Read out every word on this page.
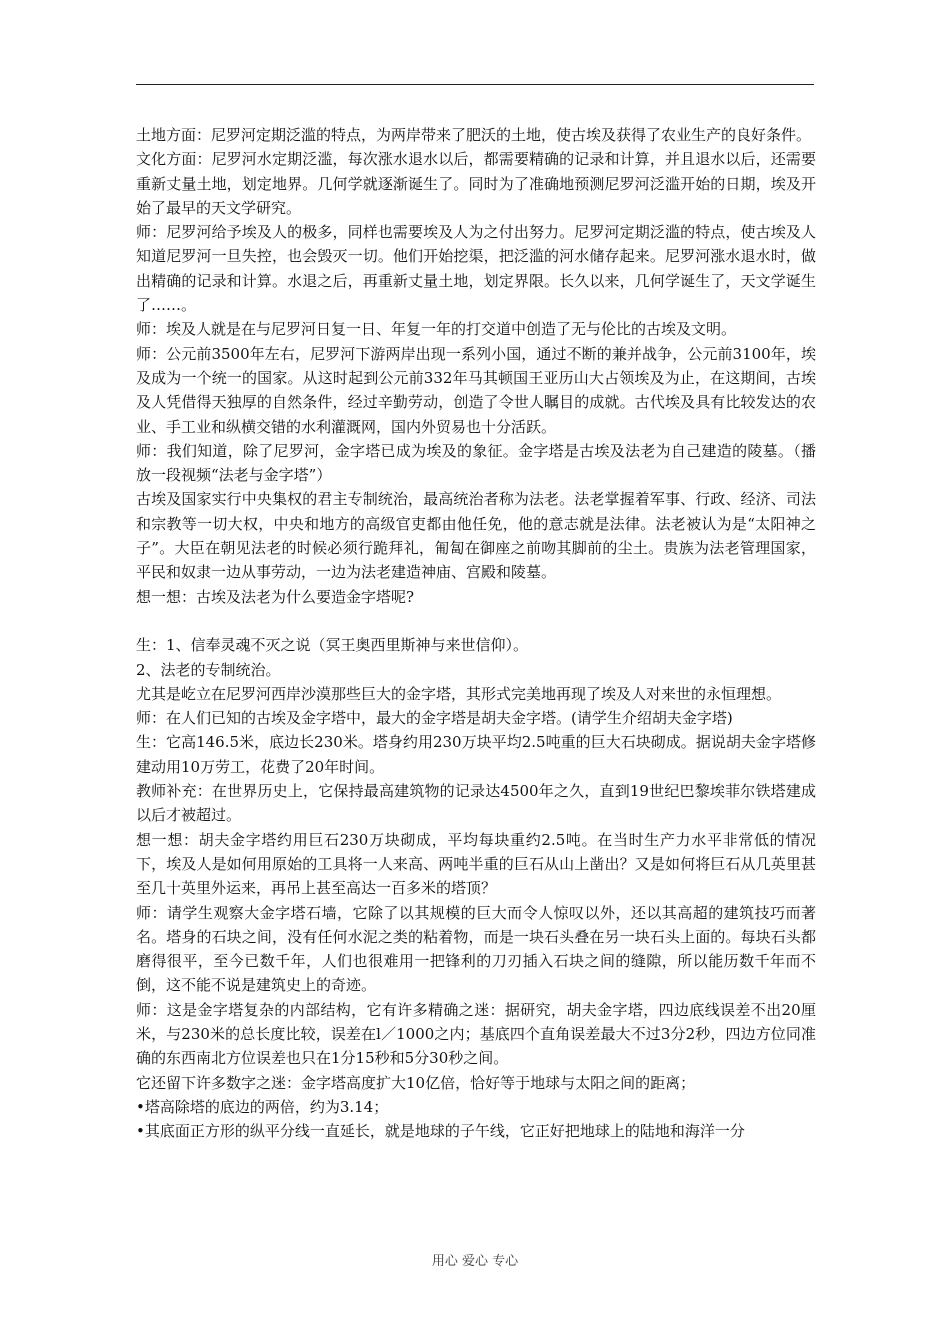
土地方面：尼罗河定期泛滥的特点，为两岸带来了肥沃的土地，使古埃及获得了农业生产的良好条件。

文化方面：尼罗河水定期泛滥，每次涨水退水以后，都需要精确的记录和计算，并且退水以后，还需要重新丈量土地，划定地界。几何学就逐渐诞生了。同时为了准确地预测尼罗河泛滥开始的日期，埃及开始了最早的天文学研究。

师：尼罗河给予埃及人的极多，同样也需要埃及人为之付出努力。尼罗河定期泛滥的特点，使古埃及人知道尼罗河一旦失控，也会毁灭一切。他们开始挖渠，把泛滥的河水储存起来。尼罗河涨水退水时，做出精确的记录和计算。水退之后，再重新丈量土地，划定界限。长久以来，几何学诞生了，天文学诞生了……。

师：埃及人就是在与尼罗河日复一日、年复一年的打交道中创造了无与伦比的古埃及文明。

师：公元前3500年左右，尼罗河下游两岸出现一系列小国，通过不断的兼并战争，公元前3100年，埃及成为一个统一的国家。从这时起到公元前332年马其顿国王亚历山大占领埃及为止，在这期间，古埃及人凭借得天独厚的自然条件，经过辛勤劳动，创造了令世人瞩目的成就。古代埃及具有比较发达的农业、手工业和纵横交错的水利灌溉网，国内外贸易也十分活跃。

师：我们知道，除了尼罗河，金字塔已成为埃及的象征。金字塔是古埃及法老为自己建造的陵墓。（播放一段视频“法老与金字塔”）

古埃及国家实行中央集权的君主专制统治，最高统治者称为法老。法老掌握着军事、行政、经济、司法和宗教等一切大权，中央和地方的高级官吏都由他任免，他的意志就是法律。法老被认为是“太阳神之子”。大臣在朝见法老的时候必须行跪拜礼，匍匐在御座之前吻其脚前的尘土。贵族为法老管理国家，平民和奴隶一边从事劳动，一边为法老建造神庙、宫殿和陵墓。

想一想：古埃及法老为什么要造金字塔呢?

生：1、信奉灵魂不灭之说（冥王奥西里斯神与来世信仰）。

2、法老的专制统治。

尤其是屹立在尼罗河西岸沙漠那些巨大的金字塔，其形式完美地再现了埃及人对来世的永恒理想。

师：在人们已知的古埃及金字塔中，最大的金字塔是胡夫金字塔。(请学生介绍胡夫金字塔)

生：它高146.5米，底边长230米。塔身约用230万块平均2.5吨重的巨大石块砌成。据说胡夫金字塔修建动用10万劳工，花费了20年时间。

教师补充：在世界历史上，它保持最高建筑物的记录达4500年之久，直到19世纪巴黎埃菲尔铁塔建成以后才被超过。

想一想：胡夫金字塔约用巨石230万块砌成，平均每块重约2.5吨。在当时生产力水平非常低的情况下，埃及人是如何用原始的工具将一人来高、两吨半重的巨石从山上凿出？又是如何将巨石从几英里甚至几十英里外运来，再吊上甚至高达一百多米的塔顶？

师：请学生观察大金字塔石墙，它除了以其规模的巨大而令人惊叹以外，还以其高超的建筑技巧而著名。塔身的石块之间，没有任何水泥之类的粘着物，而是一块石头叠在另一块石头上面的。每块石头都磨得很平，至今已数千年，人们也很难用一把锋利的刀刃插入石块之间的缝隙，所以能历数千年而不倒，这不能不说是建筑史上的奇迹。

师：这是金字塔复杂的内部结构，它有许多精确之迷：据研究，胡夫金字塔，四边底线误差不出20厘米，与230米的总长度比较，误差在l／1000之内；基底四个直角误差最大不过3分2秒，四边方位同准确的东西南北方位误差也只在1分15秒和5分30秒之间。

它还留下许多数字之迷：金字塔高度扩大10亿倍，恰好等于地球与太阳之间的距离；

•塔高除塔的底边的两倍，约为3.14；

•其底面正方形的纵平分线一直延长，就是地球的子午线，它正好把地球上的陆地和海洋一分

用心 爱心 专心
